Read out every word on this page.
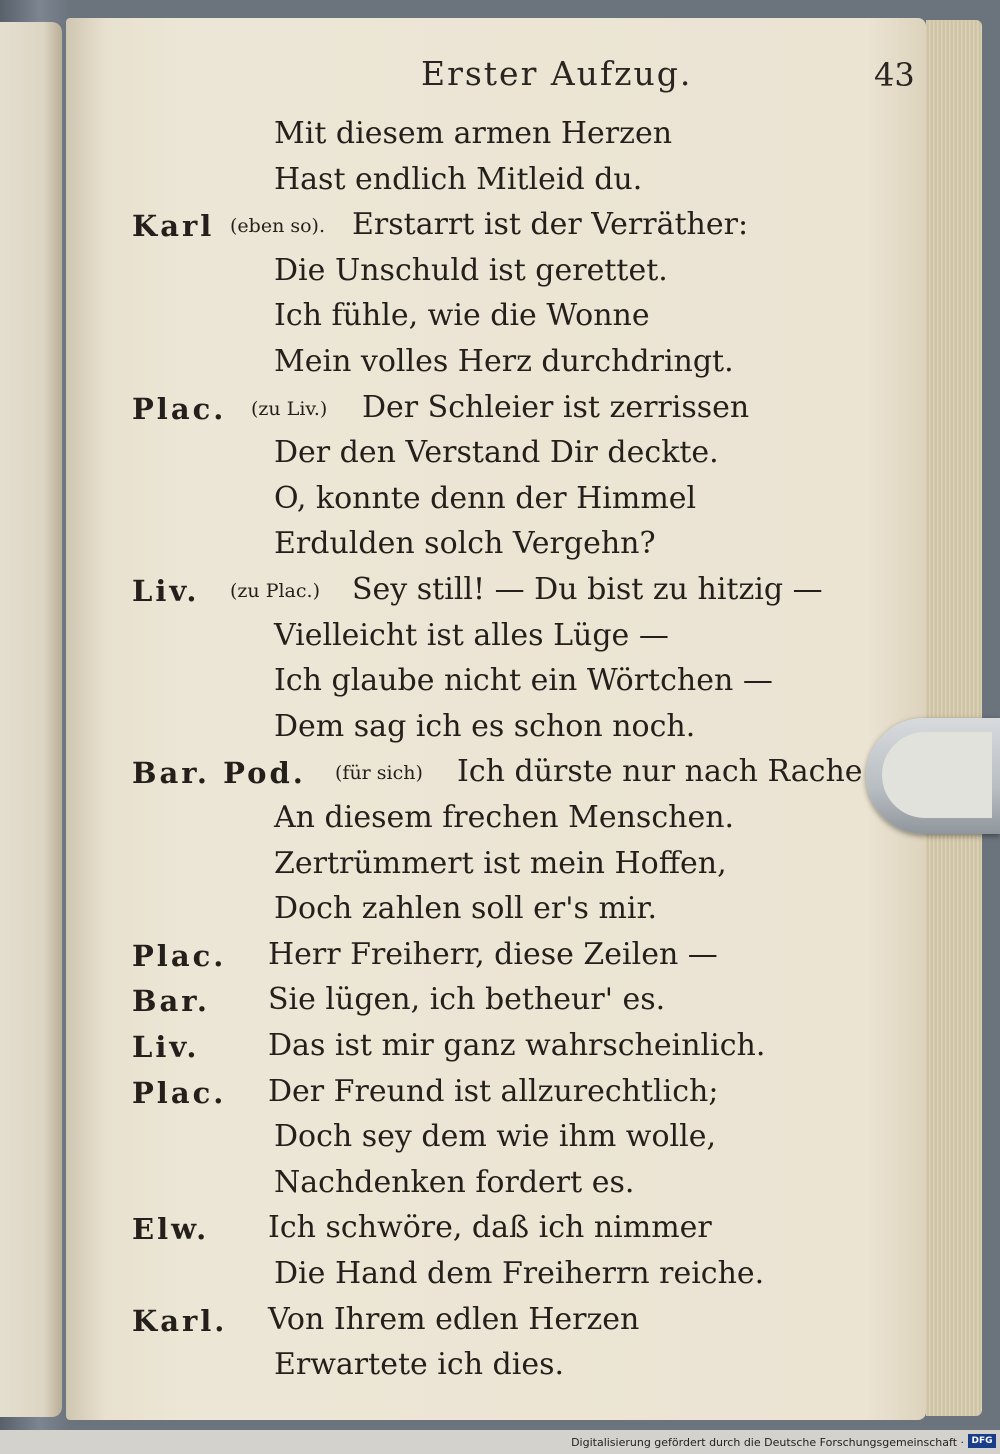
Erster Aufzug.	43
Mit diesem armen Herzen
Hast endlich Mitleid du.
Karl (eben so). Erstarrt ist der Verräther:
Die Unschuld ist gerettet.
Ich fühle, wie die Wonne
Mein volles Herz durchdringt.
Plac. (zu Liv.) Der Schleier ist zerrissen
Der den Verstand Dir deckte.
O, konnte denn der Himmel
Erdulden solch Vergehn?
Liv. (zu Plac.) Sey still! — Du bist zu hitzig —
Vielleicht ist alles Lüge —
Ich glaube nicht ein Wörtchen —
Dem sag ich es schon noch.
Bar. Pod. (für sich) Ich dürste nur nach Rache
An diesem frechen Menschen.
Zertrümmert ist mein Hoffen,
Doch zahlen soll er's mir.
Plac. Herr Freiherr, diese Zeilen —
Bar. Sie lügen, ich betheur' es.
Liv. Das ist mir ganz wahrscheinlich.
Plac. Der Freund ist allzurechtlich;
Doch sey dem wie ihm wolle,
Nachdenken fordert es.
Elw. Ich schwöre, daß ich nimmer
Die Hand dem Freiherrn reiche.
Karl. Von Ihrem edlen Herzen
Erwartete ich dies.
Digitalisierung gefördert durch die Deutsche Forschungsgemeinschaft · DFG
